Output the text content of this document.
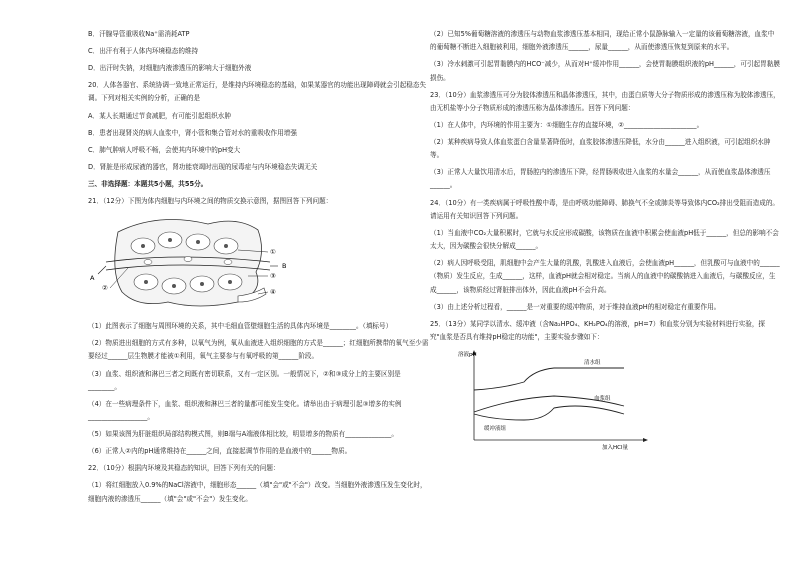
B．汗腺导管重吸收Na⁺需消耗ATP

C．出汗有利于人体内环境稳态的维持

D．出汗时失钠，对细胞内液渗透压的影响大于细胞外液

20．人体各器官、系统协调一致地正常运行，是维持内环境稳态的基础，如果某器官的功能出现障碍就会引起稳态失调。下列对相关实例的分析，正确的是

A．某人长期通过节食减肥，有可能引起组织水肿

B．患者出现肾炎的病人血浆中，肾小管和集合管对水的重吸收作用增强

C．肺气肿病人呼吸不畅，会使其内环境中的pH变大

D．肾脏是形成尿液的器官，肾功能衰竭时出现的尿毒症与内环境稳态失调无关

三、非选择题：本题共5小题，共55分。

21．（12分）下图为体内细胞与内环境之间的物质交换示意图，据图回答下列问题：

B
A
①
②
③
④

（1）此图表示了细胞与周围环境的关系，其中毛细血管壁细胞生活的具体内环境是________。（填标号）

（2）物质进出细胞的方式有多种，以氧气为例，氧从血液进入组织细胞的方式是______；红细胞所携带的氧气至少需要经过______层生物膜才能被①利用，氧气主要参与有氧呼吸的第______阶段。

（3）血浆、组织液和淋巴三者之间既有密切联系，又有一定区别。一般情况下，②和③成分上的主要区别是________。

（4）在一些病理条件下，血浆、组织液和淋巴三者的量都可能发生变化。请举出由于病理引起③增多的实例__________________。

（5）如果该图为肝脏组织局部结构模式图，则B端与A端液体相比较，明显增多的物质有______________。

（6）正常人②内的pH通常维持在______之间，直接起调节作用的是血液中的______物质。

22．（10分）根据内环境及其稳态的知识，回答下列有关的问题：

（1）将红细胞放入0.9%的NaCl溶液中，细胞形态______（填"会"或"不会"）改变。当细胞外液渗透压发生变化时，细胞内液的渗透压______（填"会"或"不会"）发生变化。

（2）已知5%葡萄糖溶液的渗透压与动物血浆渗透压基本相同，现给正常小鼠静脉输入一定量的该葡萄糖溶液，血浆中的葡萄糖不断进入细胞被利用，细胞外液渗透压______，尿量______，从而使渗透压恢复到原来的水平。

（3）冷水刺激可引起胃黏膜内的HCO⁻减少，从而对H⁺缓冲作用______，会使胃黏膜组织液的pH______，可引起胃黏膜损伤。

23．（10分）血浆渗透压可分为胶体渗透压和晶体渗透压，其中，由蛋白质等大分子物质形成的渗透压称为胶体渗透压，由无机盐等小分子物质形成的渗透压称为晶体渗透压。回答下列问题：

（1）在人体中，内环境的作用主要为：①细胞生存的直接环境，②______________________。

（2）某种疾病导致人体血浆蛋白含量显著降低时，血浆胶体渗透压降低，水分由______进入组织液，可引起组织水肿等。

（3）正常人大量饮用清水后，胃肠腔内的渗透压下降，经胃肠吸收进入血浆的水量会______，从而使血浆晶体渗透压______。

24．（10分）有一类疾病属于呼吸性酸中毒，是由呼吸功能障碍、肺换气不全或肺炎等导致体内CO₂排出受阻而造成的。请运用有关知识回答下列问题。

（1）当血液中CO₂大量积累时，它就与水反应形成碳酸，该物质在血液中积累会使血液pH低于______，但总的影响不会太大，因为碳酸会很快分解成______。

（2）病人因呼吸受阻，肌细胞中会产生大量的乳酸，乳酸进入血液后，会使血液pH______，但乳酸可与血液中的______（物质）发生反应，生成______，这样，血液pH就会相对稳定。当病人的血液中的碳酸钠进入血液后，与碳酸反应，生成______，该物质经过肾脏排出体外，因此血液pH不会升高。

（3）由上述分析过程看，______是一对重要的缓冲物质，对于维持血液pH的相对稳定有重要作用。

25．（13分）某同学以清水、缓冲液（含Na₂HPO₄、KH₂PO₄的溶液，pH=7）和血浆分别为实验材料进行实验，探究"血浆是否具有维持pH稳定的功能"，主要实验步骤如下：

溶液pH
加入HCl量
清水组
血浆组
缓冲液组
